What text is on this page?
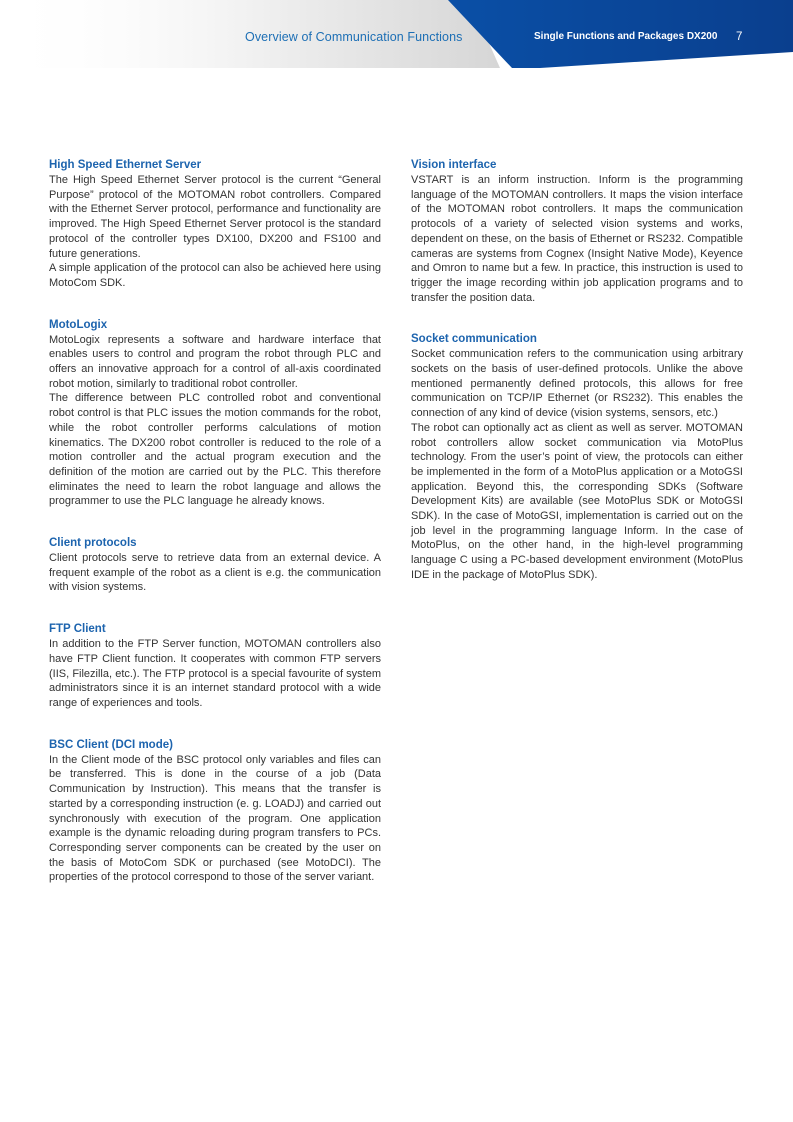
Overview of Communication Functions	Single Functions and Packages DX200 7
High Speed Ethernet Server

The High Speed Ethernet Server protocol is the current “General Purpose” protocol of the MOTOMAN robot controllers. Compared with the Ethernet Server protocol, performance and functionality are improved. The High Speed Ethernet Server protocol is the standard protocol of the controller types DX100, DX200 and FS100 and future generations.

A simple application of the protocol can also be achieved here using MotoCom SDK.

MotoLogix

MotoLogix represents a software and hardware interface that enables users to control and program the robot through PLC and offers an innovative approach for a control of all-axis coordinated robot motion, similarly to traditional robot controller.

The difference between PLC controlled robot and conventional robot control is that PLC issues the motion commands for the robot, while the robot controller performs calculations of motion kinematics. The DX200 robot controller is reduced to the role of a motion controller and the actual program execution and the definition of the motion are carried out by the PLC. This therefore eliminates the need to learn the robot language and allows the programmer to use the PLC language he already knows.

Client protocols

Client protocols serve to retrieve data from an external device. A frequent example of the robot as a client is e.g. the communication with vision systems.

FTP Client

In addition to the FTP Server function, MOTOMAN controllers also have FTP Client function. It cooperates with common FTP servers (IIS, Filezilla, etc.). The FTP protocol is a special favourite of system administrators since it is an internet standard protocol with a wide range of experiences and tools.

BSC Client (DCI mode)

In the Client mode of the BSC protocol only variables and files can be transferred. This is done in the course of a job (Data Communication by Instruction). This means that the transfer is started by a corresponding instruction (e. g. LOADJ) and carried out synchronously with execution of the program. One application example is the dynamic reloading during program transfers to PCs. Corresponding server components can be created by the user on the basis of MotoCom SDK or purchased (see MotoDCI). The properties of the protocol correspond to those of the server variant.

Vision interface

VSTART is an inform instruction. Inform is the programming language of the MOTOMAN controllers. It maps the vision interface of the MOTOMAN robot controllers. It maps the communication protocols of a variety of selected vision systems and works, dependent on these, on the basis of Ethernet or RS232. Compatible cameras are systems from Cognex (Insight Native Mode), Keyence and Omron to name but a few. In practice, this instruction is used to trigger the image recording within job application programs and to transfer the position data.

Socket communication

Socket communication refers to the communication using arbitrary sockets on the basis of user-defined protocols. Unlike the above mentioned permanently defined protocols, this allows for free communication on TCP/IP Ethernet (or RS232). This enables the connection of any kind of device (vision systems, sensors, etc.)

The robot can optionally act as client as well as server. MOTOMAN robot controllers allow socket communication via MotoPlus technology. From the user’s point of view, the protocols can either be implemented in the form of a MotoPlus application or a MotoGSI application. Beyond this, the corresponding SDKs (Software Development Kits) are available (see MotoPlus SDK or MotoGSI SDK). In the case of MotoGSI, implementation is carried out on the job level in the programming language Inform. In the case of MotoPlus, on the other hand, in the high-level programming language C using a PC-based development environment (MotoPlus IDE in the package of MotoPlus SDK).
